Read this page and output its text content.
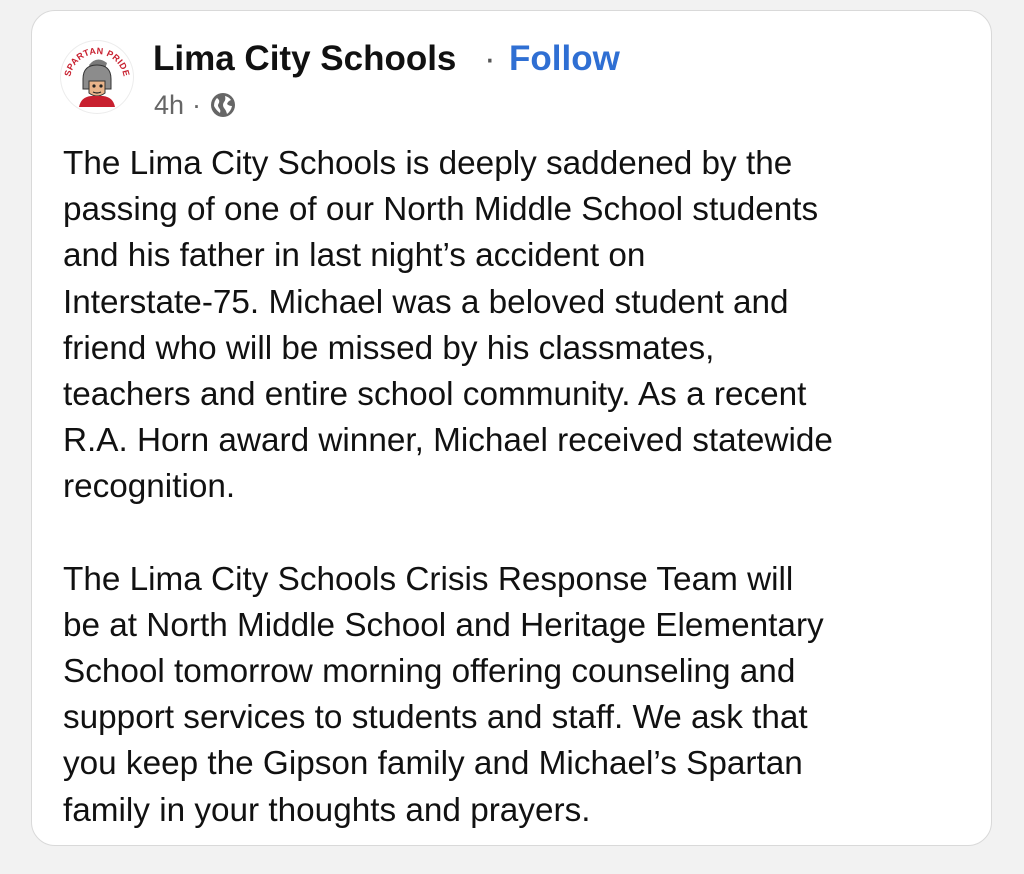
SPARTAN PRIDE Lima City Schools · Follow
4h ·

The Lima City Schools is deeply saddened by the
passing of one of our North Middle School students
and his father in last night’s accident on
Interstate-75. Michael was a beloved student and
friend who will be missed by his classmates,
teachers and entire school community. As a recent
R.A. Horn award winner, Michael received statewide
recognition.

The Lima City Schools Crisis Response Team will
be at North Middle School and Heritage Elementary
School tomorrow morning offering counseling and
support services to students and staff. We ask that
you keep the Gipson family and Michael’s Spartan
family in your thoughts and prayers.
